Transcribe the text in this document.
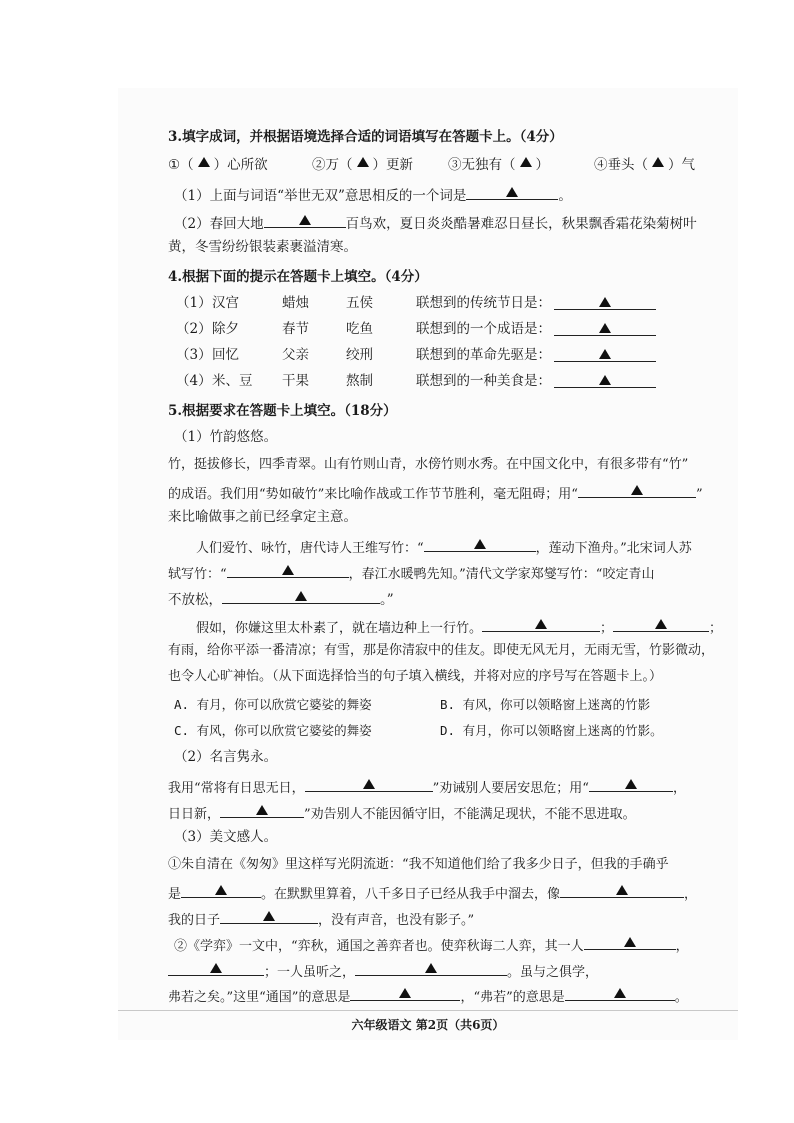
3.填字成词，并根据语境选择合适的词语填写在答题卡上。（4分）
①（ ）心所欲	②万（ ）更新	③无独有（ ）	④垂头（ ）气
（1）上面与词语“举世无双”意思相反的一个词是	。
（2）春回大地	百鸟欢，夏日炎炎酷暑难忍日昼长，秋果飘香霜花染菊树叶
黄，冬雪纷纷银装素裹溢清寒。
4.根据下面的提示在答题卡上填空。（4分）
（1） 汉宫	蜡烛	五侯	联想到的传统节日是：
（2） 除夕	春节	吃鱼	联想到的一个成语是：
（3） 回忆	父亲	绞刑	联想到的革命先驱是：
（4） 米、豆 干果	熬制	联想到的一种美食是：
5.根据要求在答题卡上填空。（18分）
（1）竹韵悠悠。
竹，挺拔修长，四季青翠。山有竹则山青，水傍竹则水秀。在中国文化中，有很多带有“竹”
的成语。我们用“势如破竹”来比喻作战或工作节节胜利，毫无阻碍；用“	”
来比喻做事之前已经拿定主意。
人们爱竹、咏竹，唐代诗人王维写竹：“	，莲动下渔舟。”北宋词人苏
轼写竹：“	，春江水暖鸭先知。”清代文学家郑燮写竹：“咬定青山
不放松，	。”
假如，你嫌这里太朴素了，就在墙边种上一行竹。	；	；
有雨，给你平添一番清凉；有雪，那是你清寂中的佳友。即使无风无月，无雨无雪，竹影微动，
也令人心旷神怡。（从下面选择恰当的句子填入横线，并将对应的序号写在答题卡上。）
A. 有月，你可以欣赏它婆娑的舞姿	B. 有风，你可以领略窗上迷离的竹影
C. 有风，你可以欣赏它婆娑的舞姿	D. 有月，你可以领略窗上迷离的竹影。
（2）名言隽永。
我用“常将有日思无日，	”劝诫别人要居安思危；用“	，
日日新，	”劝告别人不能因循守旧，不能满足现状，不能不思进取。
（3）美文感人。
①朱自清在《匆匆》里这样写光阴流逝：“我不知道他们给了我多少日子，但我的手确乎
是	。在默默里算着，八千多日子已经从我手中溜去，像	，
我的日子	，没有声音，也没有影子。”
②《学弈》一文中，“弈秋，通国之善弈者也。使弈秋诲二人弈，其一人	，
；一人虽听之，	。虽与之俱学，
弗若之矣。”这里“通国”的意思是	，“弗若”的意思是	。
六年级语文 第2页（共6页）
